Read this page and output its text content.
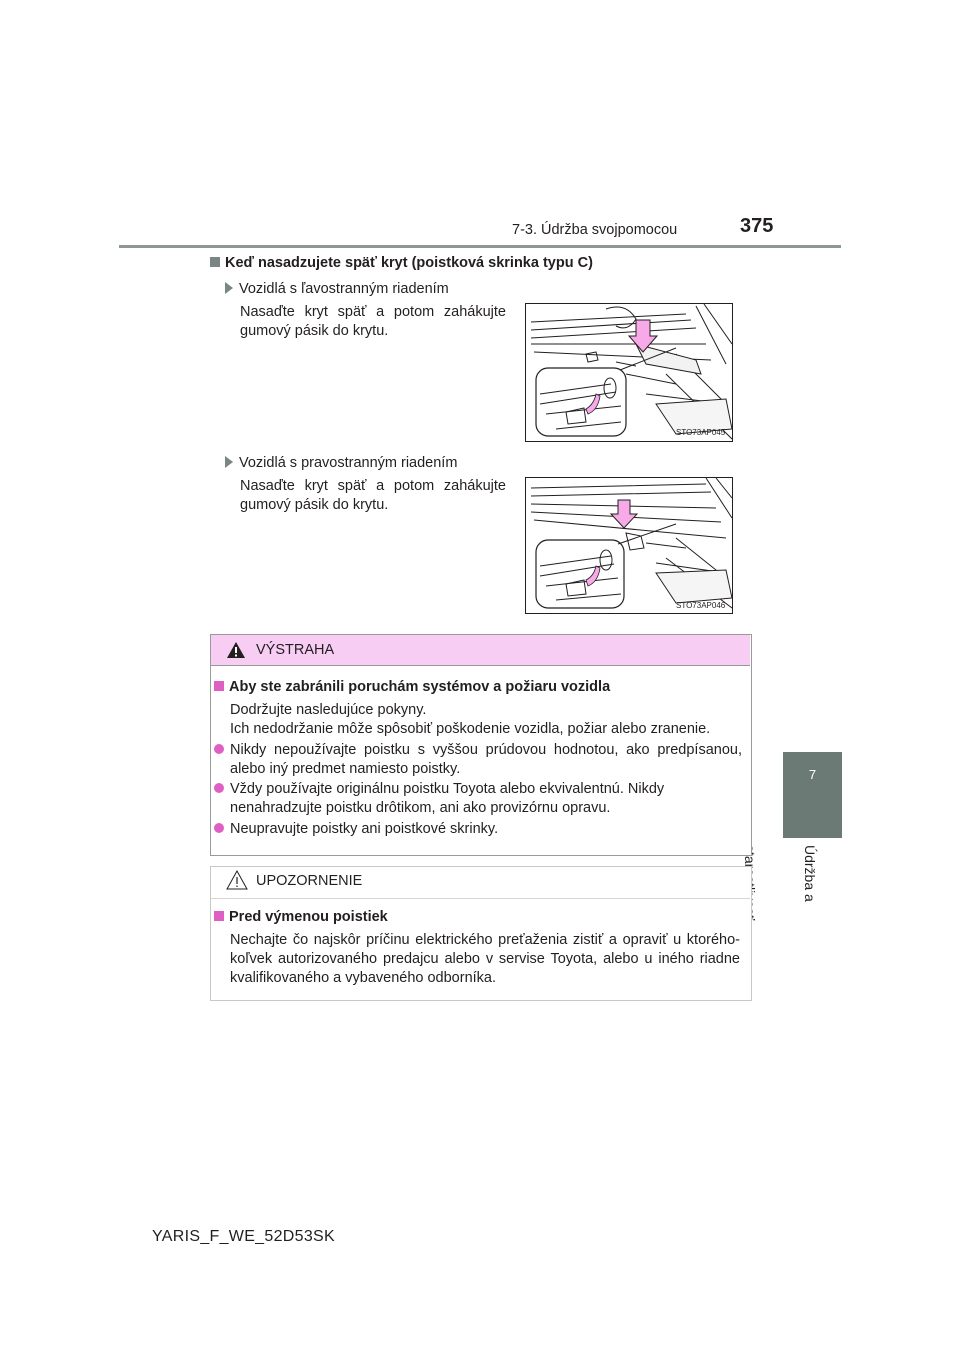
7-3. Údržba svojpomocou	375
7
Údržba a
Keď nasadzujete späť kryt (poistková skrinka typu C)
Vozidlá s ľavostranným riadením
Nasaďte kryt späť a potom zahákujte gumový pásik do krytu.
STO73AP045
Vozidlá s pravostranným riadením
Nasaďte kryt späť a potom zahákujte gumový pásik do krytu.
STO73AP046
VÝSTRAHA
Aby ste zabránili poruchám systémov a požiaru vozidla
Dodržujte nasledujúce pokyny.
Ich nedodržanie môže spôsobiť poškodenie vozidla, požiar alebo zranenie.
Nikdy nepoužívajte poistku s vyššou prúdovou hodnotou, ako predpísanou, alebo iný predmet namiesto poistky.
Vždy používajte originálnu poistku Toyota alebo ekvivalentnú. Nikdy nenahradzujte poistku drôtikom, ani ako provizórnu opravu.
Neupravujte poistky ani poistkové skrinky.
UPOZORNENIE
Pred výmenou poistiek
Nechajte čo najskôr príčinu elektrického preťaženia zistiť a opraviť u ktoréhokoľvek autorizovaného predajcu alebo v servise Toyota, alebo u iného riadne kvalifikovaného a vybaveného odborníka.
YARIS_F_WE_52D53SK
